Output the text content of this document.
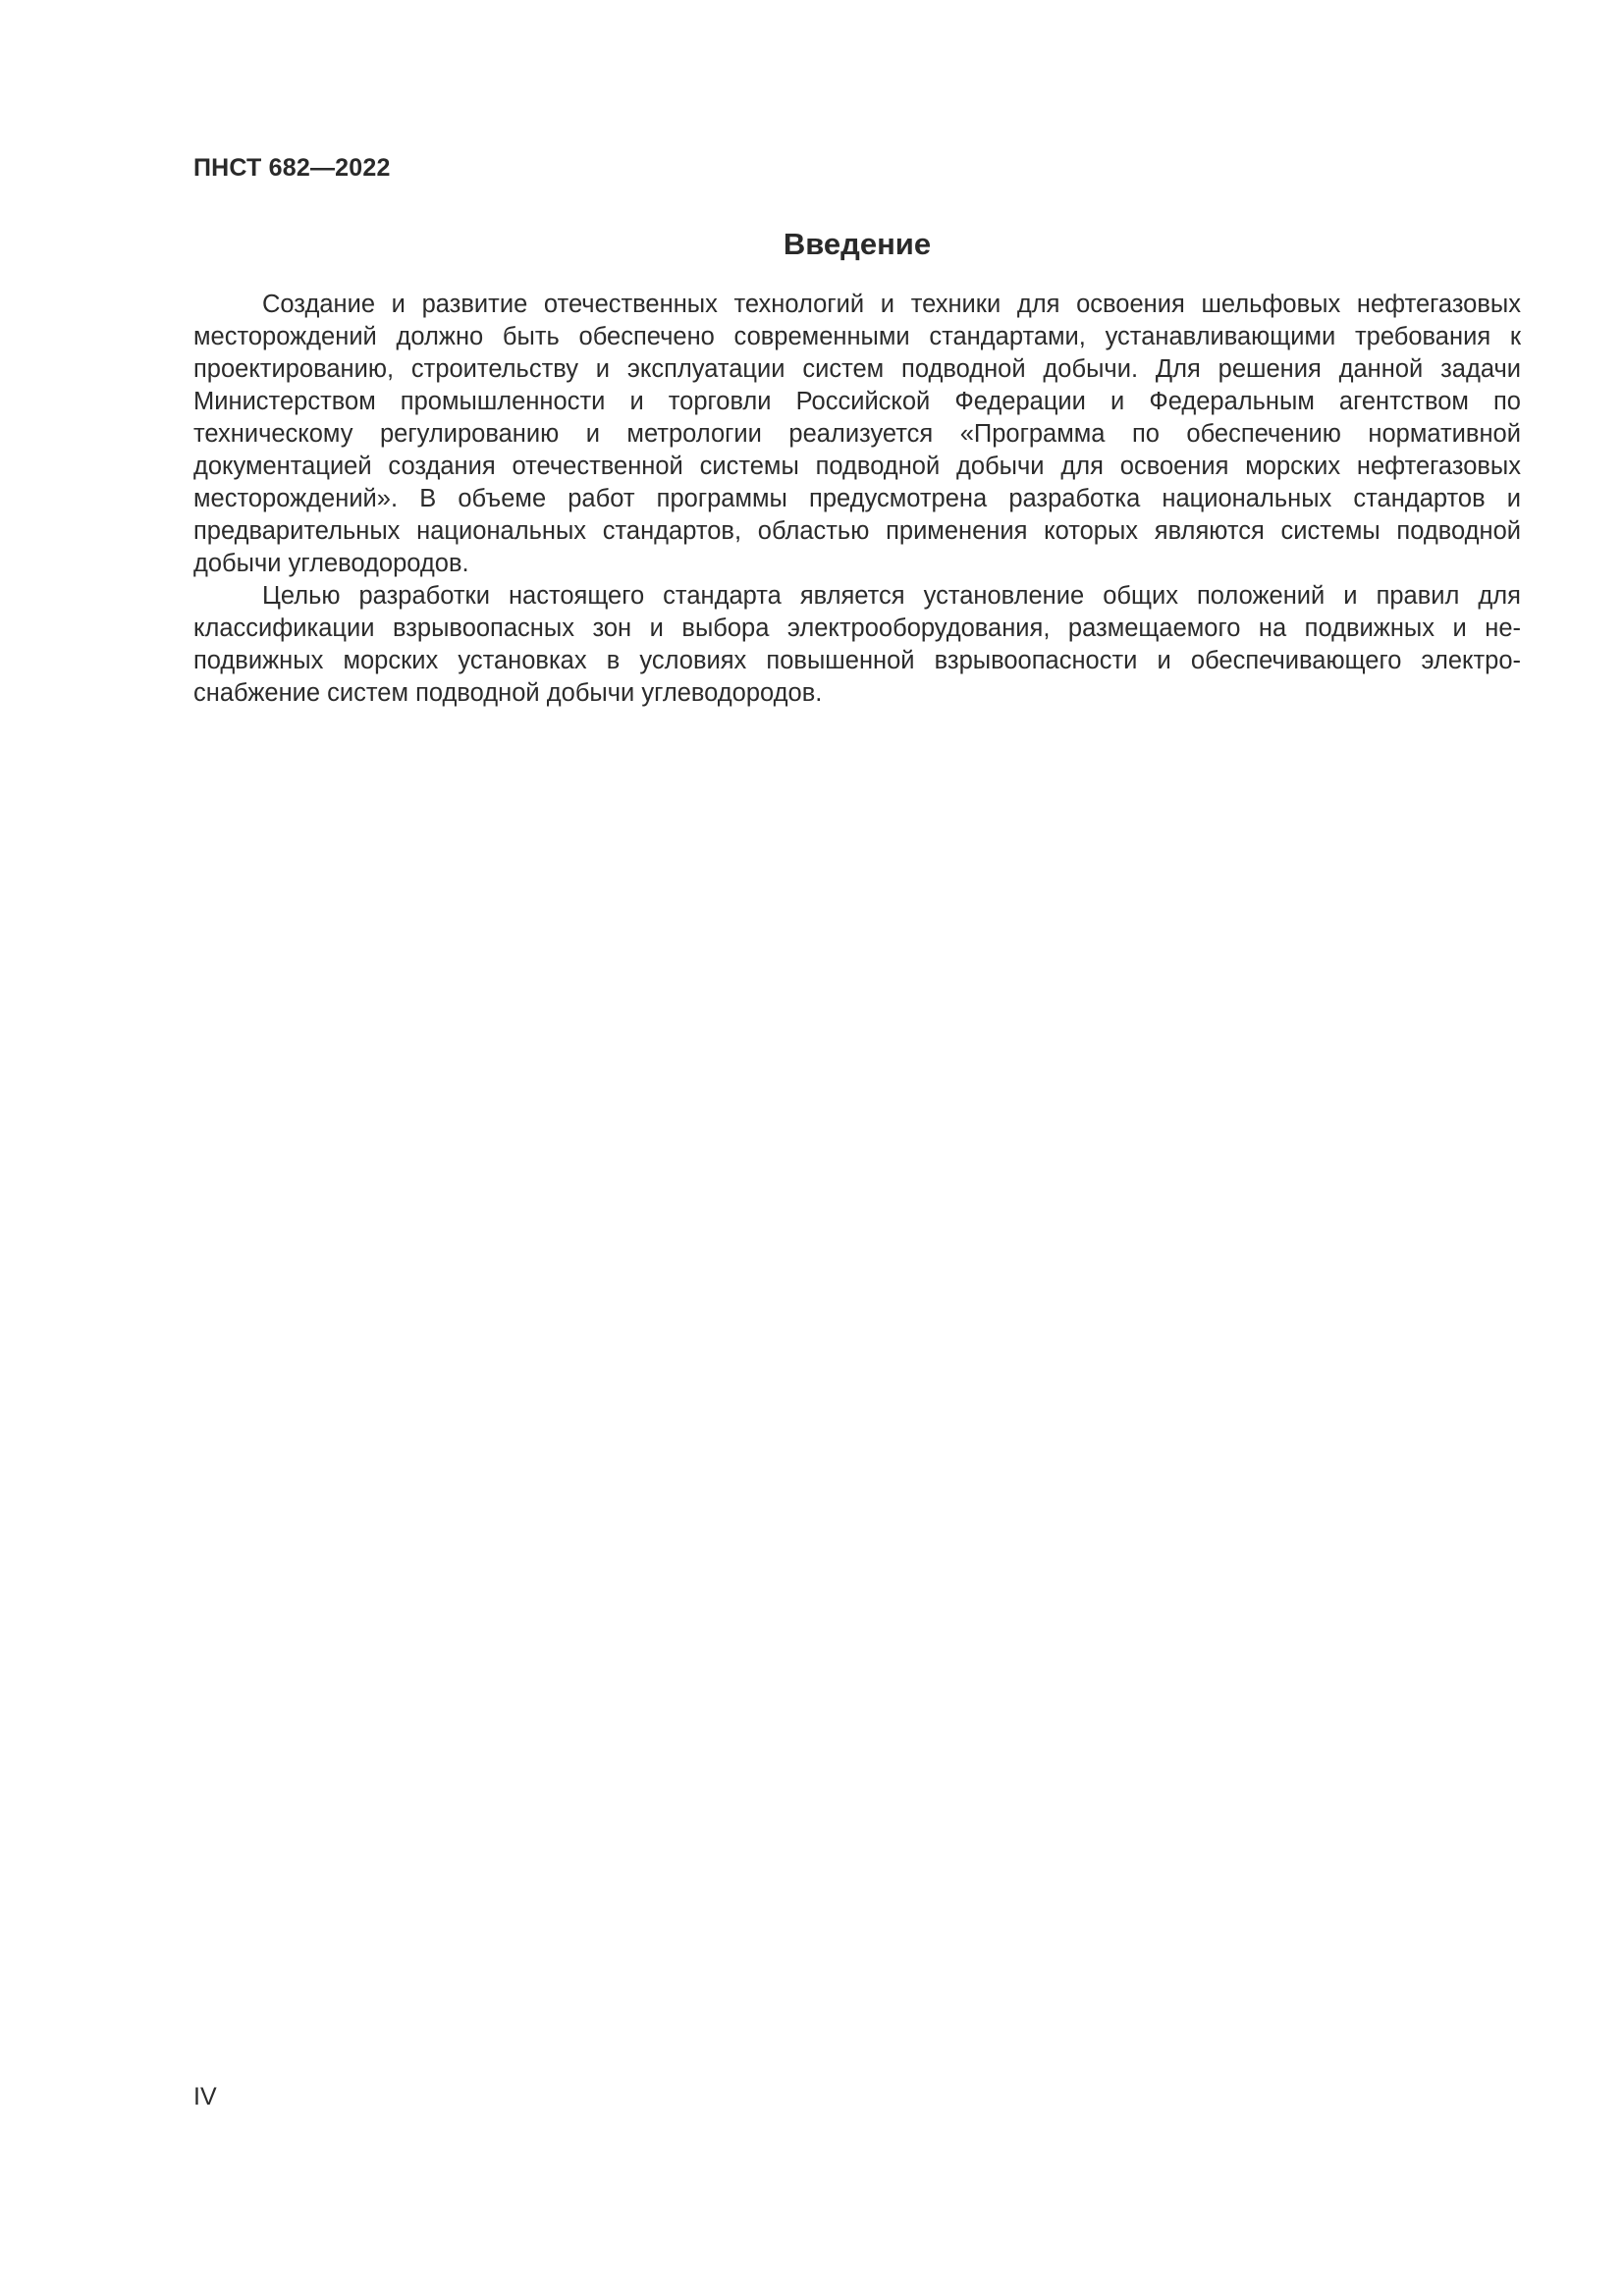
ПНСТ 682—2022
Введение

Создание и развитие отечественных технологий и техники для освоения шельфовых нефтегазовых месторождений должно быть обеспечено современными стандартами, устанавливающими требования к проектированию, строительству и эксплуатации систем подводной добычи. Для решения данной задачи Министерством промышленности и торговли Российской Федерации и Федеральным агентством по техническому регулированию и метрологии реализуется «Программа по обеспечению нормативной документацией создания отечественной системы подводной добычи для освоения морских нефтегазовых месторождений». В объеме работ программы предусмотрена разработка национальных стандартов и предварительных национальных стандартов, областью применения которых являются системы подводной добычи углеводородов.

Целью разработки настоящего стандарта является установление общих положений и правил для классификации взрывоопасных зон и выбора электрооборудования, размещаемого на подвижных и неподвижных морских установках в условиях повышенной взрывоопасности и обеспечивающего электроснабжение систем подводной добычи углеводородов.

IV
